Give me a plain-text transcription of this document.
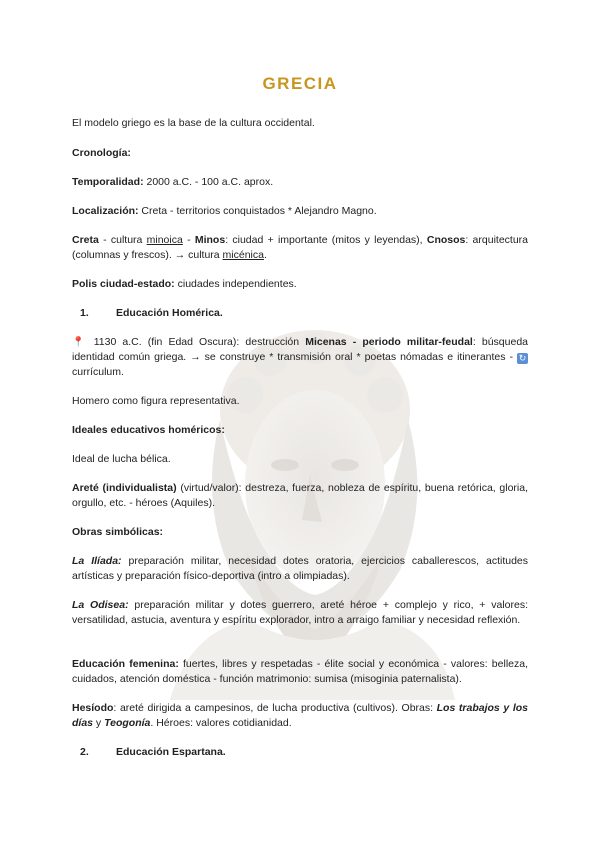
GRECIA

El modelo griego es la base de la cultura occidental.

Cronología:

Temporalidad: 2000 a.C. - 100 a.C. aprox.

Localización: Creta - territorios conquistados * Alejandro Magno.

Creta - cultura minoica - Minos: ciudad + importante (mitos y leyendas), Cnosos: arquitectura (columnas y frescos). → cultura micénica.

Polis ciudad-estado: ciudades independientes.

1.	Educación Homérica.

📍 1130 a.C. (fin Edad Oscura): destrucción Micenas - periodo militar-feudal: búsqueda identidad común griega. → se construye * transmisión oral * poetas nómadas e itinerantes - ↻ currículum.

Homero como figura representativa.

Ideales educativos homéricos:

Ideal de lucha bélica.

Areté (individualista) (virtud/valor): destreza, fuerza, nobleza de espíritu, buena retórica, gloria, orgullo, etc. - héroes (Aquiles).

Obras simbólicas:

La Ilíada: preparación militar, necesidad dotes oratoria, ejercicios caballerescos, actitudes artísticas y preparación físico-deportiva (intro a olimpiadas).

La Odisea: preparación militar y dotes guerrero, areté héroe + complejo y rico, + valores: versatilidad, astucia, aventura y espíritu explorador, intro a arraigo familiar y necesidad reflexión.

Educación femenina: fuertes, libres y respetadas - élite social y económica - valores: belleza, cuidados, atención doméstica - función matrimonio: sumisa (misoginia paternalista).

Hesíodo: areté dirigida a campesinos, de lucha productiva (cultivos). Obras: Los trabajos y los días y Teogonía. Héroes: valores cotidianidad.

2.	Educación Espartana.
